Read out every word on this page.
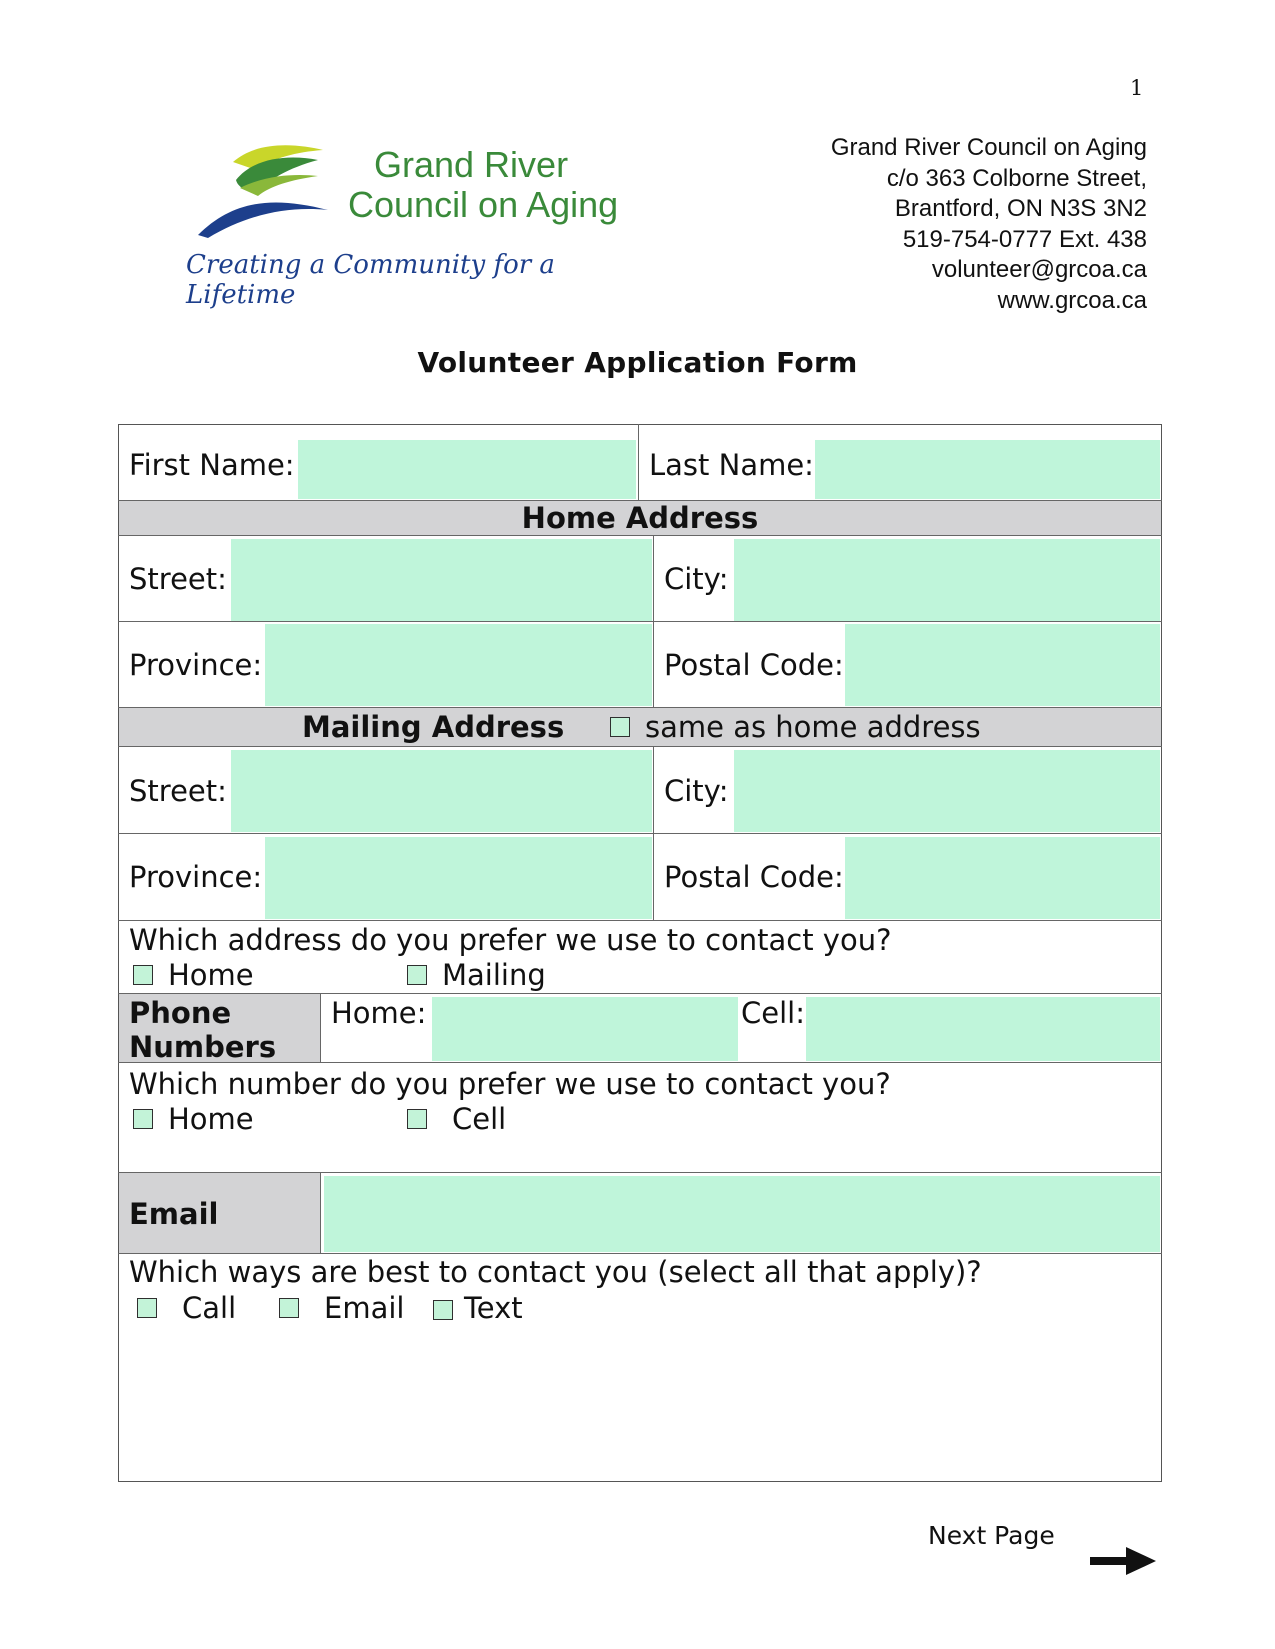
1
Grand River
Council on Aging
Creating a Community for a Lifetime
Grand River Council on Aging
c/o 363 Colborne Street,
Brantford, ON N3S 3N2
519-754-0777 Ext. 438
volunteer@grcoa.ca
www.grcoa.ca
Volunteer Application Form
First Name:	Last Name:
Home Address
Street:	City:
Province:	Postal Code:
Mailing Address	same as home address
Street:	City:
Province:	Postal Code:
Which address do you prefer we use to contact you?
Home	Mailing
Phone
Numbers
Home:	Cell:
Which number do you prefer we use to contact you?
Home	Cell
Email
Which ways are best to contact you (select all that apply)?
Call	Email Text
Next Page
